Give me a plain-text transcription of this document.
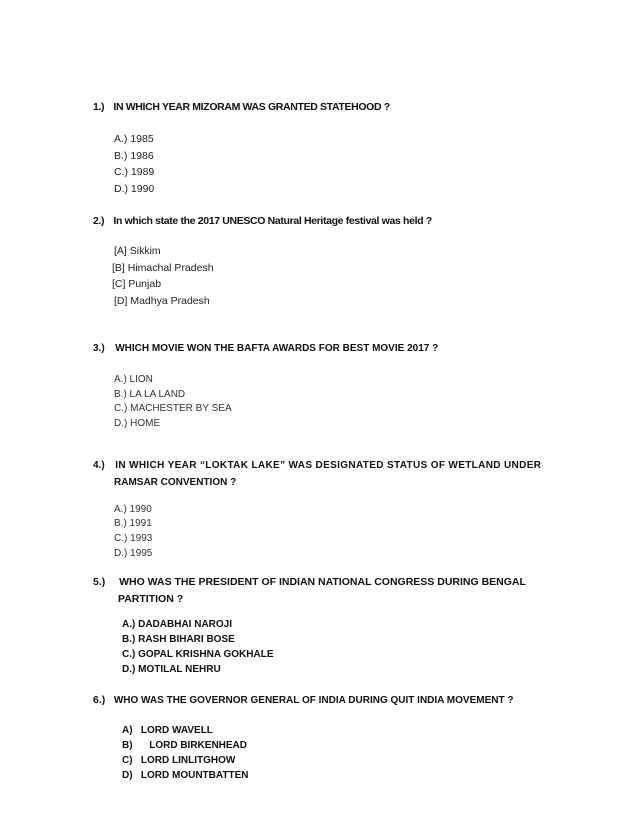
1.) IN WHICH YEAR MIZORAM WAS GRANTED STATEHOOD ?
A.) 1985
B.) 1986
C.) 1989
D.) 1990
2.) In which state the 2017 UNESCO Natural Heritage festival was held ?
[A] Sikkim
[B] Himachal Pradesh
[C] Punjab
[D] Madhya Pradesh
3.) WHICH MOVIE WON THE BAFTA AWARDS FOR BEST MOVIE 2017 ?
A.) LION
B.) LA LA LAND
C.) MACHESTER BY SEA
D.) HOME
4.) IN WHICH YEAR “LOKTAK LAKE” WAS DESIGNATED STATUS OF WETLAND UNDER
RAMSAR CONVENTION ?
A.) 1990
B.) 1991
C.) 1993
D.) 1995
5.) WHO WAS THE PRESIDENT OF INDIAN NATIONAL CONGRESS DURING BENGAL
PARTITION ?
A.) DADABHAI NAROJI
B.) RASH BIHARI BOSE
C.) GOPAL KRISHNA GOKHALE
D.) MOTILAL NEHRU
6.) WHO WAS THE GOVERNOR GENERAL OF INDIA DURING QUIT INDIA MOVEMENT ?
A)   LORD WAVELL
B)      LORD BIRKENHEAD
C)   LORD LINLITGHOW
D)   LORD MOUNTBATTEN
